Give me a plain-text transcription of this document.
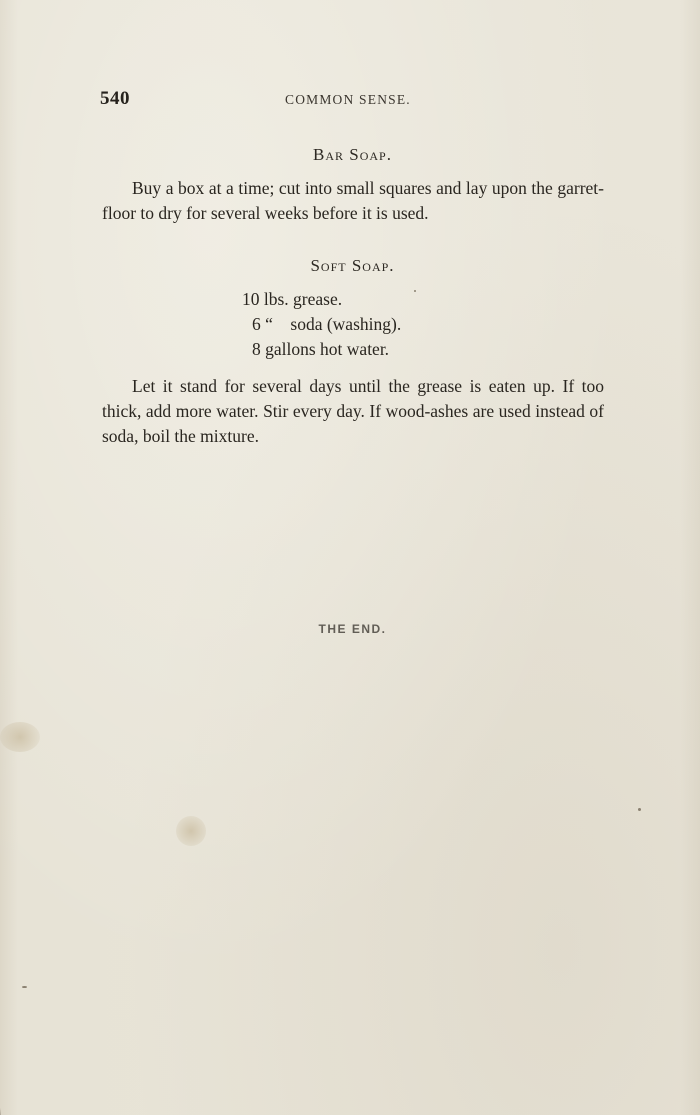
540	COMMON SENSE.
Bar Soap.

Buy a box at a time; cut into small squares and lay upon the garret-floor to dry for several weeks before it is used.

Soft Soap.
10 lbs. grease.
6 “    soda (washing).
8 gallons hot water.

Let it stand for several days until the grease is eaten up. If too thick, add more water. Stir every day. If wood-ashes are used instead of soda, boil the mixture.

THE END.
